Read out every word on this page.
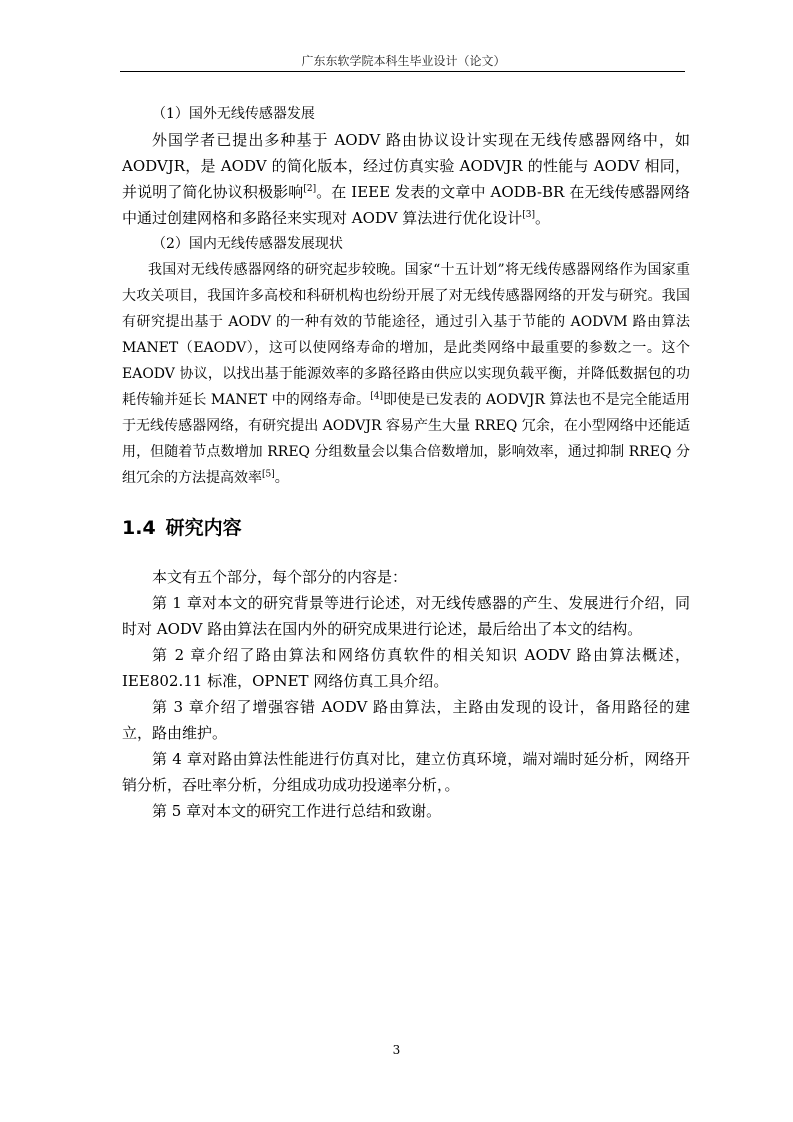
广东东软学院本科生毕业设计（论文）

（1）国外无线传感器发展

外国学者已提出多种基于 AODV 路由协议设计实现在无线传感器网络中，如 AODVJR，是 AODV 的简化版本，经过仿真实验 AODVJR 的性能与 AODV 相同，并说明了简化协议积极影响[2]。在 IEEE 发表的文章中 AODB-BR 在无线传感器网络中通过创建网格和多路径来实现对 AODV 算法进行优化设计[3]。

（2）国内无线传感器发展现状

我国对无线传感器网络的研究起步较晚。国家“十五计划”将无线传感器网络作为国家重大攻关项目，我国许多高校和科研机构也纷纷开展了对无线传感器网络的开发与研究。我国有研究提出基于 AODV 的一种有效的节能途径，通过引入基于节能的 AODVM 路由算法 MANET（EAODV），这可以使网络寿命的增加，是此类网络中最重要的参数之一。这个 EAODV 协议，以找出基于能源效率的多路径路由供应以实现负载平衡，并降低数据包的功耗传输并延长 MANET 中的网络寿命。[4]即使是已发表的 AODVJR 算法也不是完全能适用于无线传感器网络，有研究提出 AODVJR 容易产生大量 RREQ 冗余，在小型网络中还能适用，但随着节点数增加 RREQ 分组数量会以集合倍数增加，影响效率，通过抑制 RREQ 分组冗余的方法提高效率[5]。

1.4 研究内容

本文有五个部分，每个部分的内容是：

第 1 章对本文的研究背景等进行论述，对无线传感器的产生、发展进行介绍，同时对 AODV 路由算法在国内外的研究成果进行论述，最后给出了本文的结构。

第 2 章介绍了路由算法和网络仿真软件的相关知识 AODV 路由算法概述，IEE802.11 标准，OPNET 网络仿真工具介绍。

第 3 章介绍了增强容错 AODV 路由算法，主路由发现的设计，备用路径的建立，路由维护。

第 4 章对路由算法性能进行仿真对比，建立仿真环境，端对端时延分析，网络开销分析，吞吐率分析，分组成功成功投递率分析，。

第 5 章对本文的研究工作进行总结和致谢。

3
